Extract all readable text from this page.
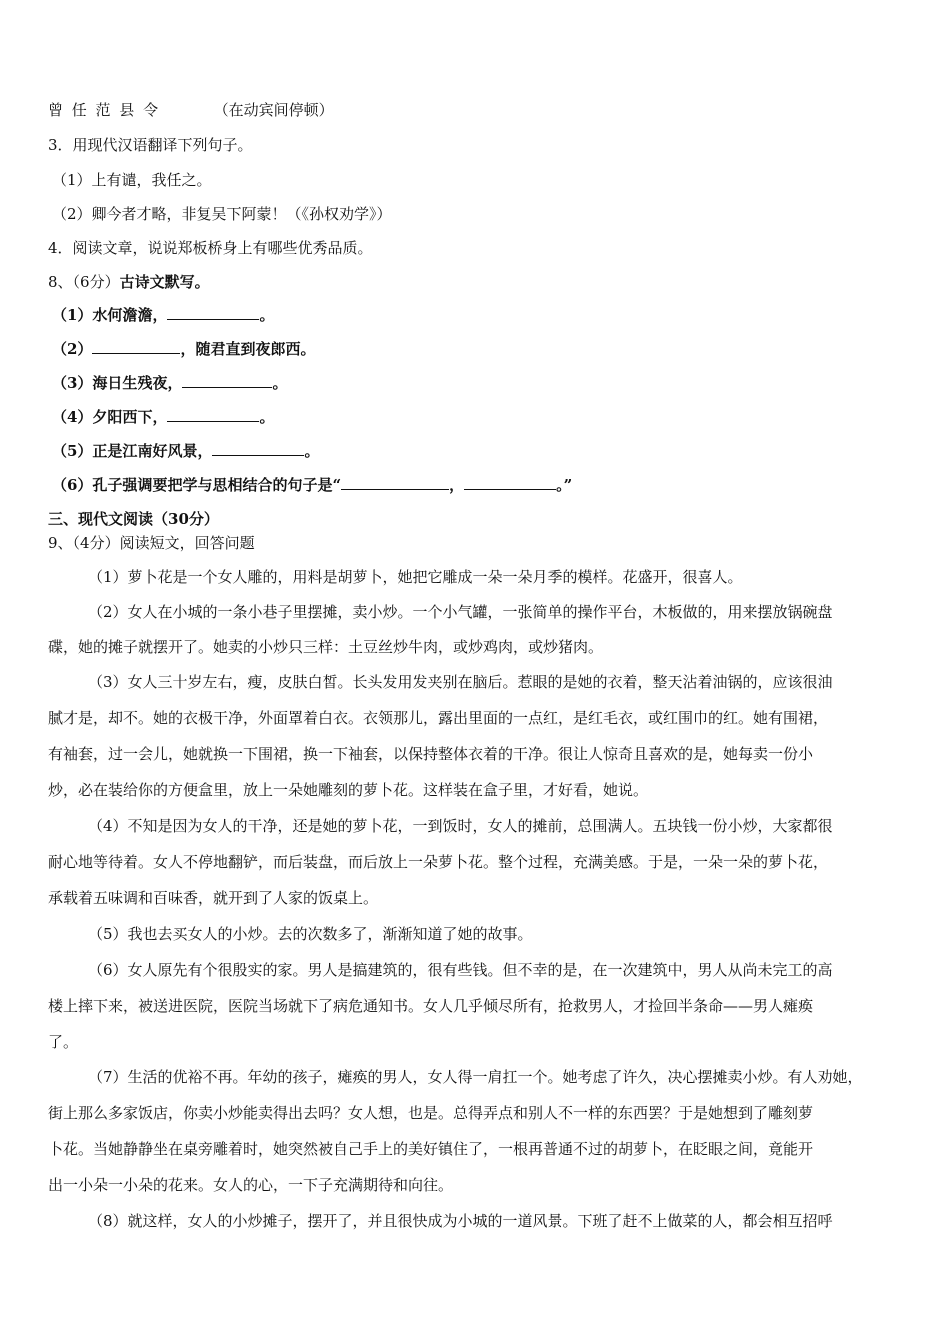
曾 任 范 县 令	（在动宾间停顿）
3．用现代汉语翻译下列句子。
（1）上有谴，我任之。
（2）卿今者才略，非复吴下阿蒙！（《孙权劝学》）
4．阅读文章，说说郑板桥身上有哪些优秀品质。
8、（6分）古诗文默写。
（1）水何澹澹，	。
（2）	，随君直到夜郎西。
（3）海日生残夜，	。
（4）夕阳西下，	。
（5）正是江南好风景，	。
（6）孔子强调要把学与思相结合的句子是“	，	。”
三、现代文阅读（30分）
9、（4分）阅读短文，回答问题
（1）萝卜花是一个女人雕的，用料是胡萝卜，她把它雕成一朵一朵月季的模样。花盛开，很喜人。
（2）女人在小城的一条小巷子里摆摊，卖小炒。一个小气罐，一张简单的操作平台，木板做的，用来摆放锅碗盘
碟，她的摊子就摆开了。她卖的小炒只三样：土豆丝炒牛肉，或炒鸡肉，或炒猪肉。
（3）女人三十岁左右，瘦，皮肤白皙。长头发用发夹别在脑后。惹眼的是她的衣着，整天沾着油锅的，应该很油
腻才是，却不。她的衣极干净，外面罩着白衣。衣领那儿，露出里面的一点红，是红毛衣，或红围巾的红。她有围裙，
有袖套，过一会儿，她就换一下围裙，换一下袖套，以保持整体衣着的干净。很让人惊奇且喜欢的是，她每卖一份小
炒，必在装给你的方便盒里，放上一朵她雕刻的萝卜花。这样装在盒子里，才好看，她说。
（4）不知是因为女人的干净，还是她的萝卜花，一到饭时，女人的摊前，总围满人。五块钱一份小炒，大家都很
耐心地等待着。女人不停地翻铲，而后装盘，而后放上一朵萝卜花。整个过程，充满美感。于是，一朵一朵的萝卜花，
承载着五味调和百味香，就开到了人家的饭桌上。
（5）我也去买女人的小炒。去的次数多了，渐渐知道了她的故事。
（6）女人原先有个很殷实的家。男人是搞建筑的，很有些钱。但不幸的是，在一次建筑中，男人从尚未完工的高
楼上摔下来，被送进医院，医院当场就下了病危通知书。女人几乎倾尽所有，抢救男人，才捡回半条命——男人瘫痪
了。
（7）生活的优裕不再。年幼的孩子，瘫痪的男人，女人得一肩扛一个。她考虑了许久，决心摆摊卖小炒。有人劝她，
街上那么多家饭店，你卖小炒能卖得出去吗？女人想，也是。总得弄点和别人不一样的东西罢？于是她想到了雕刻萝
卜花。当她静静坐在桌旁雕着时，她突然被自己手上的美好镇住了，一根再普通不过的胡萝卜，在眨眼之间，竟能开
出一小朵一小朵的花来。女人的心，一下子充满期待和向往。
（8）就这样，女人的小炒摊子，摆开了，并且很快成为小城的一道风景。下班了赶不上做菜的人，都会相互招呼
